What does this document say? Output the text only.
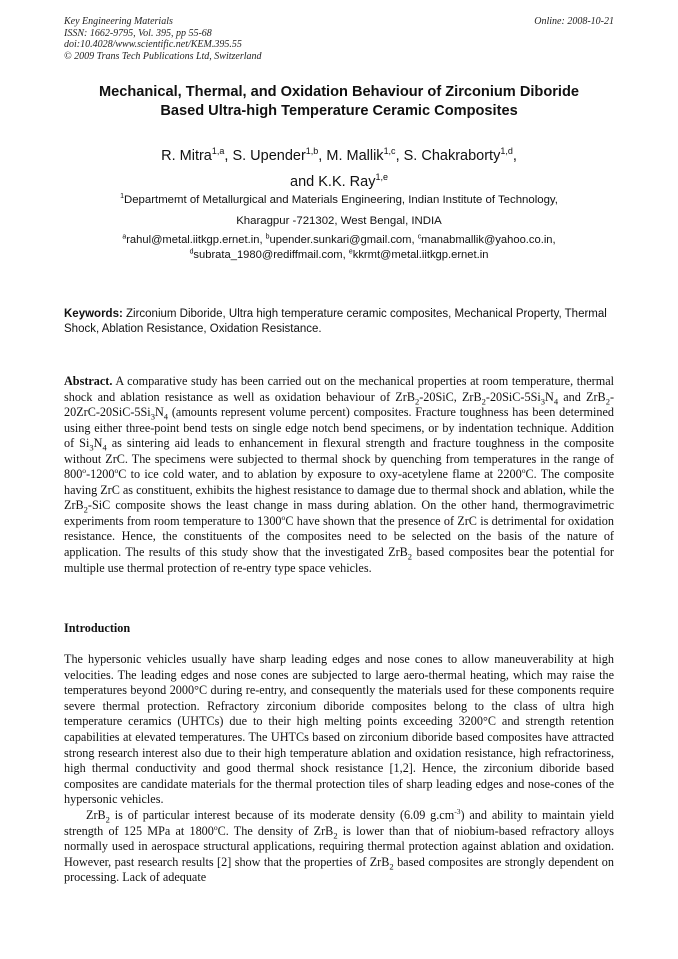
Key Engineering Materials
ISSN: 1662-9795, Vol. 395, pp 55-68
doi:10.4028/www.scientific.net/KEM.395.55
© 2009 Trans Tech Publications Ltd, Switzerland
Online: 2008-10-21
Mechanical, Thermal, and Oxidation Behaviour of Zirconium Diboride
Based Ultra-high Temperature Ceramic Composites
R. Mitra$^{1,a}$, S. Upender$^{1,b}$, M. Mallik$^{1,c}$, S. Chakraborty$^{1,d}$,
and K.K. Ray$^{1,e}$
$^1$Departmemt of Metallurgical and Materials Engineering, Indian Institute of Technology,
Kharagpur -721302, West Bengal, INDIA
$^a$rahul@metal.iitkgp.ernet.in, $^b$upender.sunkari@gmail.com, $^c$manabmallik@yahoo.co.in,
$^d$subrata_1980@rediffmail.com, $^e$kkrmt@metal.iitkgp.ernet.in
Keywords: Zirconium Diboride, Ultra high temperature ceramic composites, Mechanical Property, Thermal Shock, Ablation Resistance, Oxidation Resistance.
Abstract. A comparative study has been carried out on the mechanical properties at room temperature, thermal shock and ablation resistance as well as oxidation behaviour of ZrB$_2$-20SiC, $ZrB_2-20SiC-5Si_3N_4$ and $ZrB_2-20ZrC-20SiC-5Si_3N_4$ (amounts represent volume percent) composites. Fracture toughness has been determined using either three-point bend tests on single edge notch bend specimens, or by indentation technique. Addition of $Si_3N_4$ as sintering aid leads to enhancement in flexural strength and fracture toughness in the composite without ZrC. The specimens were subjected to thermal shock by quenching from temperatures in the range of 800$^o$-1200$^o$C to ice cold water, and to ablation by exposure to oxy-acetylene flame at 2200$^o$C. The composite having ZrC as constituent, exhibits the highest resistance to damage due to thermal shock and ablation, while the ZrB$_2$-SiC composite shows the least change in mass during ablation. On the other hand, thermogravimetric experiments from room temperature to 1300$^o$C have shown that the presence of ZrC is detrimental for oxidation resistance. Hence, the constituents of the composites need to be selected on the basis of the nature of application. The results of this study show that the investigated ZrB$_2$ based composites bear the potential for multiple use thermal protection of re-entry type space vehicles.
Introduction

The hypersonic vehicles usually have sharp leading edges and nose cones to allow maneuverability at high velocities. The leading edges and nose cones are subjected to large aero-thermal heating, which may raise the temperatures beyond 2000°C during re-entry, and consequently the materials used for these components require severe thermal protection. Refractory zirconium diboride composites belong to the class of ultra high temperature ceramics (UHTCs) due to their high melting points exceeding 3200°C and strength retention capabilities at elevated temperatures. The UHTCs based on zirconium diboride based composites have attracted strong research interest also due to their high temperature ablation and oxidation resistance, high refractoriness, high thermal conductivity and good thermal shock resistance [1,2]. Hence, the zirconium diboride based composites are candidate materials for the thermal protection tiles of sharp leading edges and nose-cones of the hypersonic vehicles.

ZrB$_2$ is of particular interest because of its moderate density (6.09 $g.cm^{-3}$) and ability to maintain yield strength of 125 MPa at 1800$^o$C. The density of ZrB$_2$ is lower than that of niobium-based refractory alloys normally used in aerospace structural applications, requiring thermal protection against ablation and oxidation. However, past research results [2] show that the properties of ZrB$_2$ based composites are strongly dependent on processing. Lack of adequate
